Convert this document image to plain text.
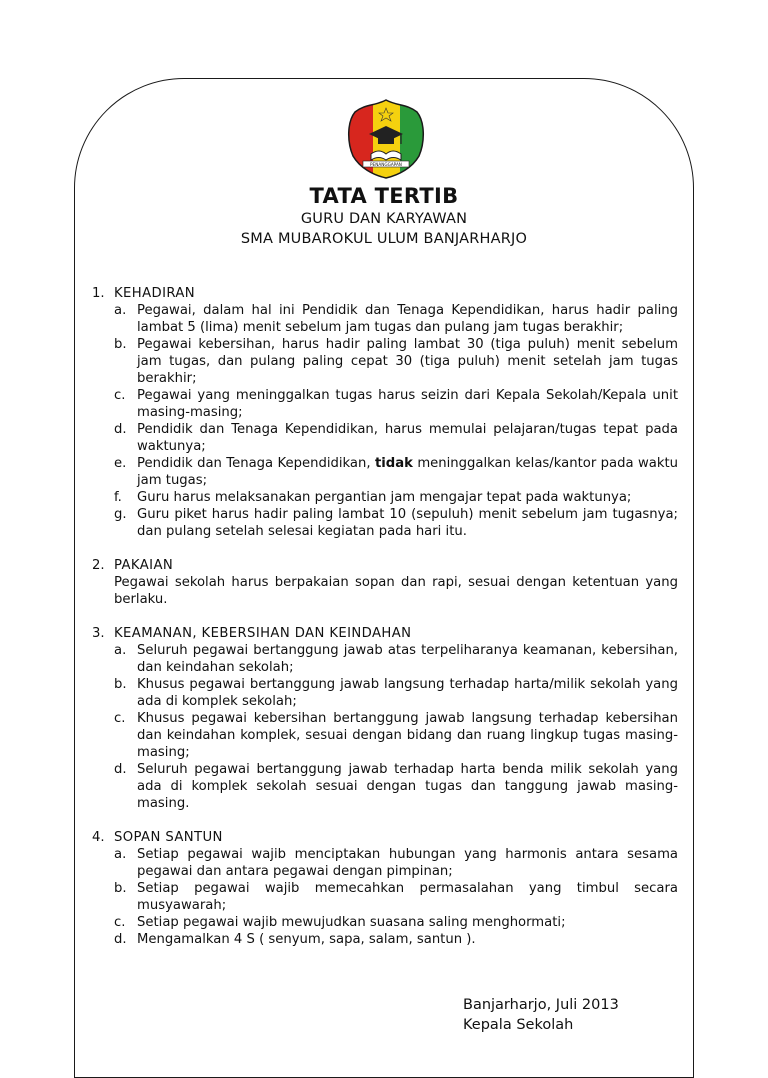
PENANGGAPAN
TATA TERTIB
GURU DAN KARYAWAN
SMA MUBAROKUL ULUM BANJARHARJO
1. KEHADIRAN
a. Pegawai, dalam hal ini Pendidik dan Tenaga Kependidikan, harus hadir paling lambat 5 (lima) menit sebelum jam tugas dan pulang jam tugas berakhir;
b. Pegawai kebersihan, harus hadir paling lambat 30 (tiga puluh) menit sebelum jam tugas, dan pulang paling cepat 30 (tiga puluh) menit setelah jam tugas berakhir;
c. Pegawai yang meninggalkan tugas harus seizin dari Kepala Sekolah/Kepala unit masing-masing;
d. Pendidik dan Tenaga Kependidikan, harus memulai pelajaran/tugas tepat pada waktunya;
e. Pendidik dan Tenaga Kependidikan, tidak meninggalkan kelas/kantor pada waktu jam tugas;
f.	Guru harus melaksanakan pergantian jam mengajar tepat pada waktunya;
g. Guru piket harus hadir paling lambat 10 (sepuluh) menit sebelum jam tugasnya; dan pulang setelah selesai kegiatan pada hari itu.
2. PAKAIAN
Pegawai sekolah harus berpakaian sopan dan rapi, sesuai dengan ketentuan yang berlaku.
3. KEAMANAN, KEBERSIHAN DAN KEINDAHAN
a. Seluruh pegawai bertanggung jawab atas terpeliharanya keamanan, kebersihan, dan keindahan sekolah;
b. Khusus pegawai bertanggung jawab langsung terhadap harta/milik sekolah yang ada di komplek sekolah;
c. Khusus pegawai kebersihan bertanggung jawab langsung terhadap kebersihan dan keindahan komplek, sesuai dengan bidang dan ruang lingkup tugas masing-masing;
d. Seluruh pegawai bertanggung jawab terhadap harta benda milik sekolah yang ada di komplek sekolah sesuai dengan tugas dan tanggung jawab masing-masing.
4. SOPAN SANTUN
a. Setiap pegawai wajib menciptakan hubungan yang harmonis antara sesama pegawai dan antara pegawai dengan pimpinan;
b. Setiap pegawai wajib memecahkan permasalahan yang timbul secara musyawarah;
c. Setiap pegawai wajib mewujudkan suasana saling menghormati;
d. Mengamalkan 4 S ( senyum, sapa, salam, santun ).
Banjarharjo, Juli 2013
Kepala Sekolah
